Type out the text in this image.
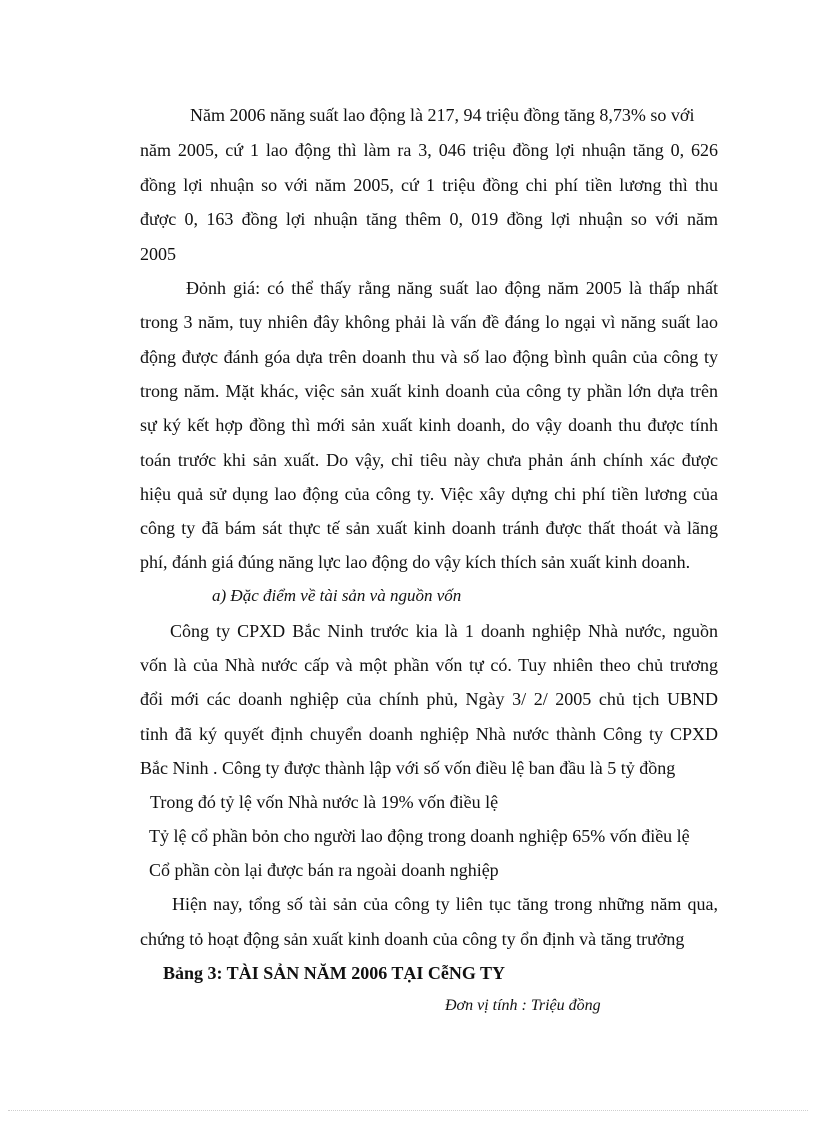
Năm 2006 năng suất lao động là 217, 94 triệu đồng tăng 8,73% so với
năm 2005, cứ 1 lao động thì làm ra 3, 046 triệu đồng lợi nhuận tăng 0, 626
đồng lợi nhuận so với năm 2005, cứ 1 triệu đồng chi phí tiền lương thì thu
được 0, 163 đồng lợi nhuận tăng thêm 0, 019 đồng lợi nhuận so với năm
2005
Đỏnh giá: có thể thấy rằng năng suất lao động năm 2005 là thấp nhất
trong 3 năm, tuy nhiên đây không phải là vấn đề đáng lo ngại vì năng suất lao
động được đánh góa dựa trên doanh thu và số lao động bình quân của công ty
trong năm. Mặt khác, việc sản xuất kinh doanh của công ty phần lớn dựa trên
sự ký kết hợp đồng thì mới sản xuất kinh doanh, do vậy doanh thu được tính
toán trước khi sản xuất. Do vậy, chỉ tiêu này chưa phản ánh chính xác được
hiệu quả sử dụng lao động của công ty. Việc xây dựng chi phí tiền lương của
công ty đã bám sát thực tế sản xuất kinh doanh tránh được thất thoát và lãng
phí, đánh giá đúng năng lực lao động do vậy kích thích sản xuất kinh doanh.
a) Đặc điểm về tài sản và nguồn vốn
Công ty CPXD Bắc Ninh trước kia là 1 doanh nghiệp Nhà nước, nguồn
vốn là của Nhà nước cấp và một phần vốn tự có. Tuy nhiên theo chủ trương
đổi mới các doanh nghiệp của chính phủ, Ngày 3/ 2/ 2005 chủ tịch UBND
tỉnh đã ký quyết định chuyển doanh nghiệp Nhà nước thành Công ty CPXD
Bắc Ninh . Công ty được thành lập với số vốn điều lệ ban đầu là 5 tỷ đồng
Trong đó tỷ lệ vốn Nhà nước là 19% vốn điều lệ
Tỷ lệ cổ phần bỏn cho người lao động trong doanh nghiệp 65% vốn điều lệ
Cổ phần còn lại được bán ra ngoài doanh nghiệp
Hiện nay, tổng số tài sản của công ty liên tục tăng trong những năm qua,
chứng tỏ hoạt động sản xuất kinh doanh của công ty ổn định và tăng trưởng
Bảng 3: TÀI SẢN NĂM 2006 TẠI CễNG TY
Đơn vị tính : Triệu đồng
